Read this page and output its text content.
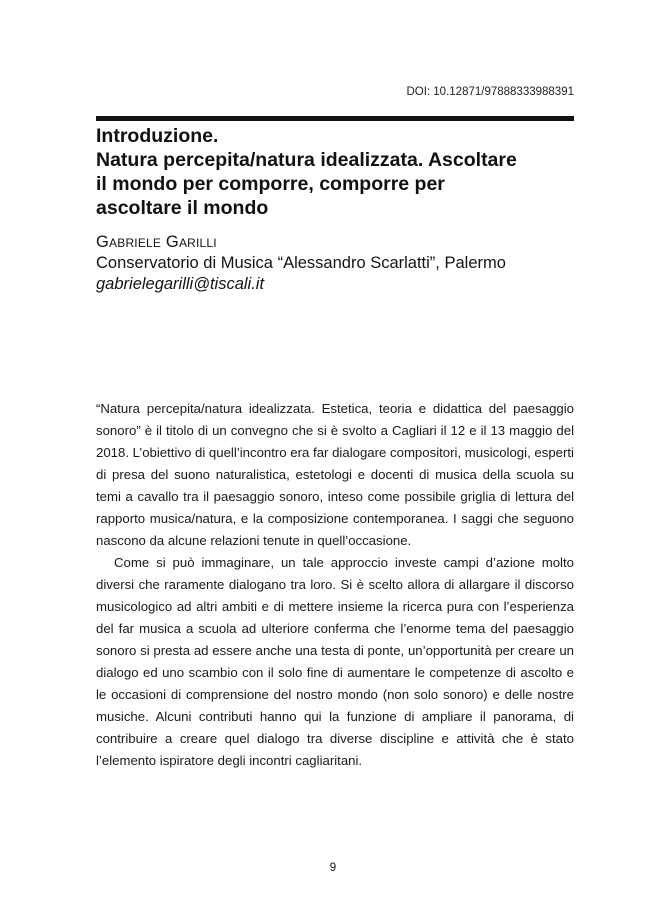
DOI: 10.12871/97888333988391
Introduzione.
Natura percepita/natura idealizzata. Ascoltare
il mondo per comporre, comporre per
ascoltare il mondo
Gabriele Garilli
Conservatorio di Musica “Alessandro Scarlatti”, Palermo
gabrielegarilli@tiscali.it

“Natura percepita/natura idealizzata. Estetica, teoria e didattica del paesaggio sonoro” è il titolo di un convegno che si è svolto a Cagliari il 12 e il 13 maggio del 2018. L’obiettivo di quell’incontro era far dialogare compositori, musicologi, esperti di presa del suono naturalistica, estetologi e docenti di musica della scuola su temi a cavallo tra il paesaggio sonoro, inteso come possibile griglia di lettura del rapporto musica/natura, e la composizione contemporanea. I saggi che seguono nascono da alcune relazioni tenute in quell’occasione.

Come si può immaginare, un tale approccio investe campi d’azione molto diversi che raramente dialogano tra loro. Si è scelto allora di allargare il discorso musicologico ad altri ambiti e di mettere insieme la ricerca pura con l’esperienza del far musica a scuola ad ulteriore conferma che l’enorme tema del paesaggio sonoro si presta ad essere anche una testa di ponte, un’opportunità per creare un dialogo ed uno scambio con il solo fine di aumentare le competenze di ascolto e le occasioni di comprensione del nostro mondo (non solo sonoro) e delle nostre musiche. Alcuni contributi hanno qui la funzione di ampliare il panorama, di contribuire a creare quel dialogo tra diverse discipline e attività che è stato l’elemento ispiratore degli incontri cagliaritani.

9
